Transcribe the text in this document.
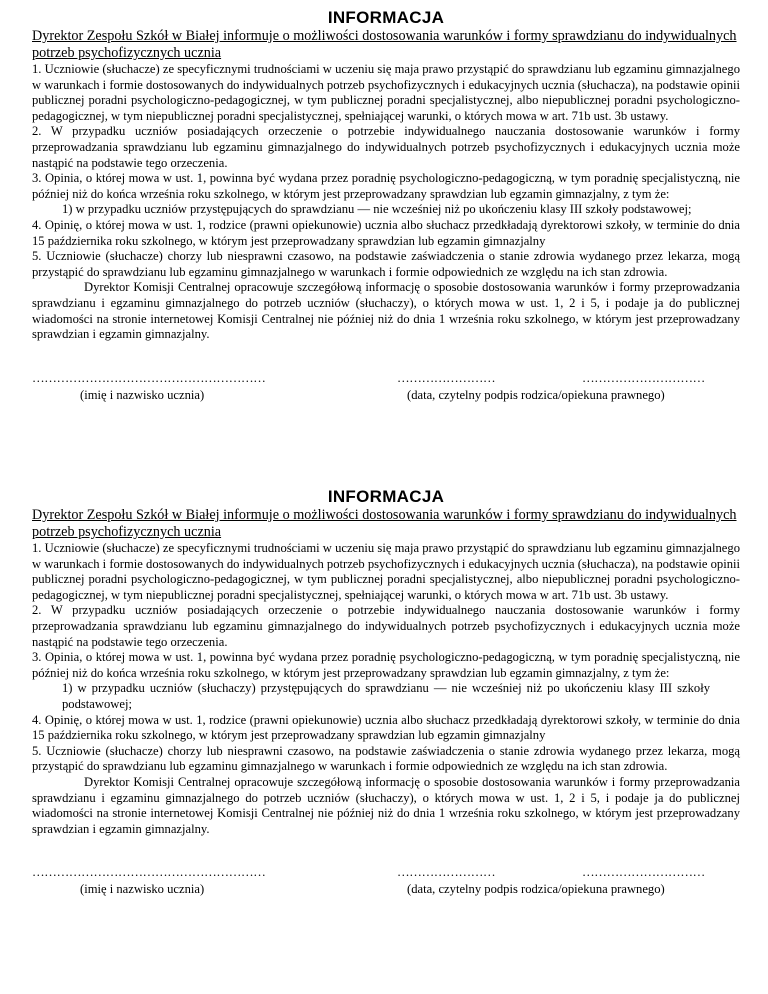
INFORMACJA

Dyrektor Zespołu Szkół w Białej informuje o możliwości dostosowania warunków i formy sprawdzianu do indywidualnych potrzeb psychofizycznych ucznia

1. Uczniowie (słuchacze) ze specyficznymi trudnościami w uczeniu się maja prawo przystąpić do sprawdzianu lub egzaminu gimnazjalnego w warunkach i formie dostosowanych do indywidualnych potrzeb psychofizycznych i edukacyjnych ucznia (słuchacza), na podstawie opinii publicznej poradni psychologiczno-pedagogicznej, w tym publicznej poradni specjalistycznej, albo niepublicznej poradni psychologiczno-pedagogicznej, w tym niepublicznej poradni specjalistycznej, spełniającej warunki, o których mowa w art. 71b ust. 3b ustawy.

2. W przypadku uczniów posiadających orzeczenie o potrzebie indywidualnego nauczania dostosowanie warunków i formy przeprowadzania sprawdzianu lub egzaminu gimnazjalnego do indywidualnych potrzeb psychofizycznych i edukacyjnych ucznia może nastąpić na podstawie tego orzeczenia.

3. Opinia, o której mowa w ust. 1, powinna być wydana przez poradnię psychologiczno-pedagogiczną, w tym poradnię specjalistyczną, nie później niż do końca września roku szkolnego, w którym jest przeprowadzany sprawdzian lub egzamin gimnazjalny, z tym że:

1) w przypadku uczniów przystępujących do sprawdzianu — nie wcześniej niż po ukończeniu klasy III szkoły podstawowej;

4. Opinię, o której mowa w ust. 1, rodzice (prawni opiekunowie) ucznia albo słuchacz przedkładają dyrektorowi szkoły, w terminie do dnia 15 października roku szkolnego, w którym jest przeprowadzany sprawdzian lub egzamin gimnazjalny

5. Uczniowie (słuchacze) chorzy lub niesprawni czasowo, na podstawie zaświadczenia o stanie zdrowia wydanego przez lekarza, mogą przystąpić do sprawdzianu lub egzaminu gimnazjalnego w warunkach i formie odpowiednich ze względu na ich stan zdrowia.

Dyrektor Komisji Centralnej opracowuje szczegółową informację o sposobie dostosowania warunków i formy przeprowadzania sprawdzianu i egzaminu gimnazjalnego do potrzeb uczniów (słuchaczy), o których mowa w ust. 1, 2 i 5, i podaje ja do publicznej wiadomości na stronie internetowej Komisji Centralnej nie później niż do dnia 1 września roku szkolnego, w którym jest przeprowadzany sprawdzian i egzamin gimnazjalny.

…………………………………………………	……………………	…………………………
(imię i nazwisko ucznia)	(data, czytelny podpis rodzica/opiekuna prawnego)
INFORMACJA

Dyrektor Zespołu Szkół w Białej informuje o możliwości dostosowania warunków i formy sprawdzianu do indywidualnych potrzeb psychofizycznych ucznia

1. Uczniowie (słuchacze) ze specyficznymi trudnościami w uczeniu się maja prawo przystąpić do sprawdzianu lub egzaminu gimnazjalnego w warunkach i formie dostosowanych do indywidualnych potrzeb psychofizycznych i edukacyjnych ucznia (słuchacza), na podstawie opinii publicznej poradni psychologiczno-pedagogicznej, w tym publicznej poradni specjalistycznej, albo niepublicznej poradni psychologiczno-pedagogicznej, w tym niepublicznej poradni specjalistycznej, spełniającej warunki, o których mowa w art. 71b ust. 3b ustawy.

2. W przypadku uczniów posiadających orzeczenie o potrzebie indywidualnego nauczania dostosowanie warunków i formy przeprowadzania sprawdzianu lub egzaminu gimnazjalnego do indywidualnych potrzeb psychofizycznych i edukacyjnych ucznia może nastąpić na podstawie tego orzeczenia.

3. Opinia, o której mowa w ust. 1, powinna być wydana przez poradnię psychologiczno-pedagogiczną, w tym poradnię specjalistyczną, nie później niż do końca września roku szkolnego, w którym jest przeprowadzany sprawdzian lub egzamin gimnazjalny, z tym że:

1) w przypadku uczniów (słuchaczy) przystępujących do sprawdzianu — nie wcześniej niż po ukończeniu klasy III szkoły podstawowej;

4. Opinię, o której mowa w ust. 1, rodzice (prawni opiekunowie) ucznia albo słuchacz przedkładają dyrektorowi szkoły, w terminie do dnia 15 października roku szkolnego, w którym jest przeprowadzany sprawdzian lub egzamin gimnazjalny

5. Uczniowie (słuchacze) chorzy lub niesprawni czasowo, na podstawie zaświadczenia o stanie zdrowia wydanego przez lekarza, mogą przystąpić do sprawdzianu lub egzaminu gimnazjalnego w warunkach i formie odpowiednich ze względu na ich stan zdrowia.

Dyrektor Komisji Centralnej opracowuje szczegółową informację o sposobie dostosowania warunków i formy przeprowadzania sprawdzianu i egzaminu gimnazjalnego do potrzeb uczniów (słuchaczy), o których mowa w ust. 1, 2 i 5, i podaje ja do publicznej wiadomości na stronie internetowej Komisji Centralnej nie później niż do dnia 1 września roku szkolnego, w którym jest przeprowadzany sprawdzian i egzamin gimnazjalny.

…………………………………………………	……………………	…………………………
(imię i nazwisko ucznia)	(data, czytelny podpis rodzica/opiekuna prawnego)
